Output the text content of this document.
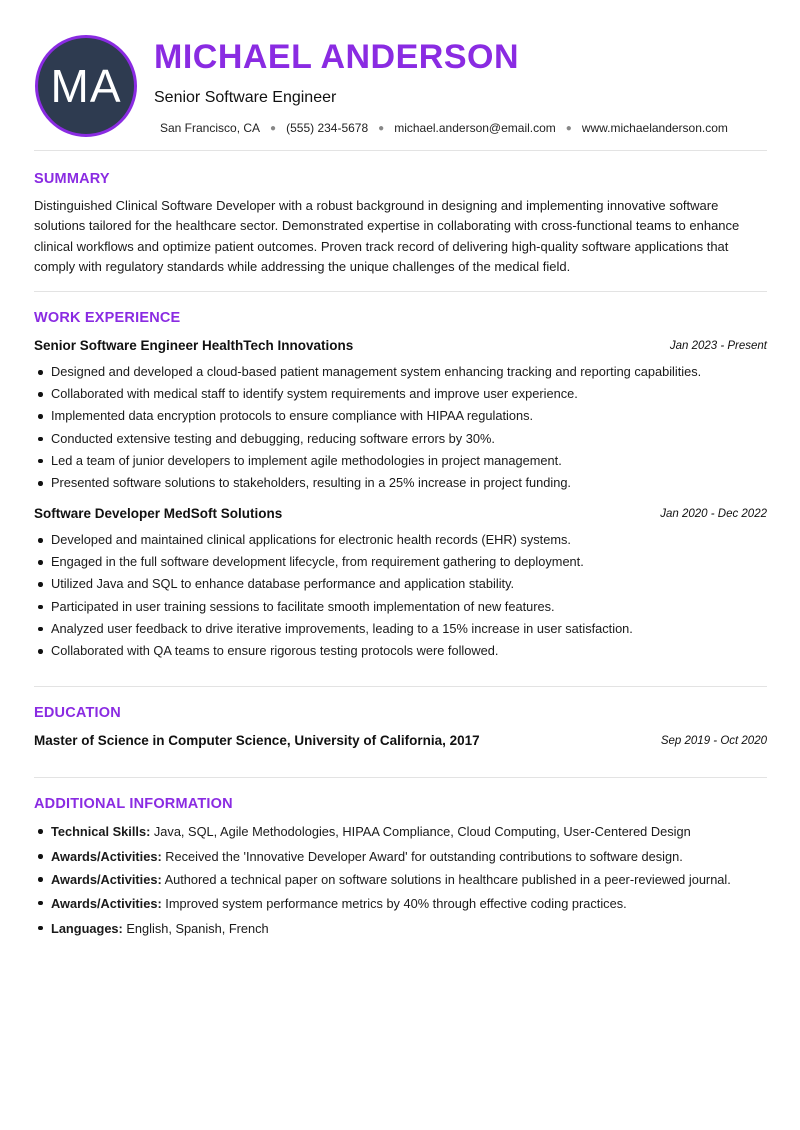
MA
MICHAEL ANDERSON
Senior Software Engineer
San Francisco, CA ● (555) 234-5678 ● michael.anderson@email.com ● www.michaelanderson.com
SUMMARY

Distinguished Clinical Software Developer with a robust background in designing and implementing innovative software solutions tailored for the healthcare sector. Demonstrated expertise in collaborating with cross-functional teams to enhance clinical workflows and optimize patient outcomes. Proven track record of delivering high-quality software applications that comply with regulatory standards while addressing the unique challenges of the medical field.

WORK EXPERIENCE
Senior Software Engineer HealthTech Innovations	Jan 2023 - Present
Designed and developed a cloud-based patient management system enhancing tracking and reporting capabilities.
Collaborated with medical staff to identify system requirements and improve user experience.
Implemented data encryption protocols to ensure compliance with HIPAA regulations.
Conducted extensive testing and debugging, reducing software errors by 30%.
Led a team of junior developers to implement agile methodologies in project management.
Presented software solutions to stakeholders, resulting in a 25% increase in project funding.
Software Developer MedSoft Solutions	Jan 2020 - Dec 2022
Developed and maintained clinical applications for electronic health records (EHR) systems.
Engaged in the full software development lifecycle, from requirement gathering to deployment.
Utilized Java and SQL to enhance database performance and application stability.
Participated in user training sessions to facilitate smooth implementation of new features.
Analyzed user feedback to drive iterative improvements, leading to a 15% increase in user satisfaction.
Collaborated with QA teams to ensure rigorous testing protocols were followed.
EDUCATION
Master of Science in Computer Science, University of California, 2017	Sep 2019 - Oct 2020
ADDITIONAL INFORMATION
Technical Skills: Java, SQL, Agile Methodologies, HIPAA Compliance, Cloud Computing, User-Centered Design
Awards/Activities: Received the 'Innovative Developer Award' for outstanding contributions to software design.
Awards/Activities: Authored a technical paper on software solutions in healthcare published in a peer-reviewed journal.
Awards/Activities: Improved system performance metrics by 40% through effective coding practices.
Languages: English, Spanish, French
